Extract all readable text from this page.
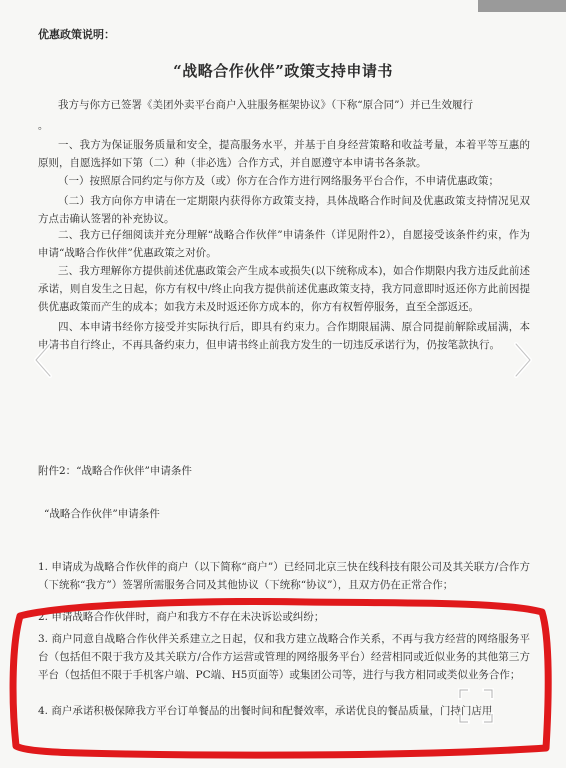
优惠政策说明：
“战略合作伙伴”政策支持申请书
我方与你方已签署《美团外卖平台商户入驻服务框架协议》（下称“原合同”）并已生效履行
。
一、我方为保证服务质量和安全，提高服务水平，并基于自身经营策略和收益考量，本着平等互惠的原则，自愿选择如下第（二）种（非必选）合作方式，并自愿遵守本申请书各条款。
（一）按照原合同约定与你方及（或）你方在合作方进行网络服务平台合作，不申请优惠政策；
（二）我方向你方申请在一定期限内获得你方政策支持，具体战略合作时间及优惠政策支持情况见双方点击确认签署的补充协议。
二、我方已仔细阅读并充分理解“战略合作伙伴”申请条件（详见附件2），自愿接受该条件约束，作为申请“战略合作伙伴”优惠政策之对价。
三、我方理解你方提供前述优惠政策会产生成本或损失(以下统称成本)，如合作期限内我方违反此前述承诺，则自发生之日起，你方有权中/终止向我方提供前述优惠政策支持，我方同意即时返还你方此前因提供优惠政策而产生的成本；如我方未及时返还你方成本的，你方有权暂停服务，直至全部返还。
四、本申请书经你方接受并实际执行后，即具有约束力。合作期限届满、原合同提前解除或届满，本申请书自行终止，不再具备约束力，但申请书终止前我方发生的一切违反承诺行为，仍按笔款执行。
附件2：“战略合作伙伴”申请条件
“战略合作伙伴”申请条件
1. 申请成为战略合作伙伴的商户（以下简称“商户”）已经同北京三快在线科技有限公司及其关联方/合作方（下统称“我方”）签署所需服务合同及其他协议（下统称“协议”），且双方仍在正常合作；
2. 申请战略合作伙伴时，商户和我方不存在未决诉讼或纠纷；
3. 商户同意自战略合作伙伴关系建立之日起，仅和我方建立战略合作关系，不再与我方经营的网络服务平台（包括但不限于我方及其关联方/合作方运营或管理的网络服务平台）经营相同或近似业务的其他第三方平台（包括但不限于手机客户端、PC端、H5页面等）或集团公司等，进行与我方相同或类似业务合作；
4. 商户承诺积极保障我方平台订单餐品的出餐时间和配餐效率，承诺优良的餐品质量，门持门店用
